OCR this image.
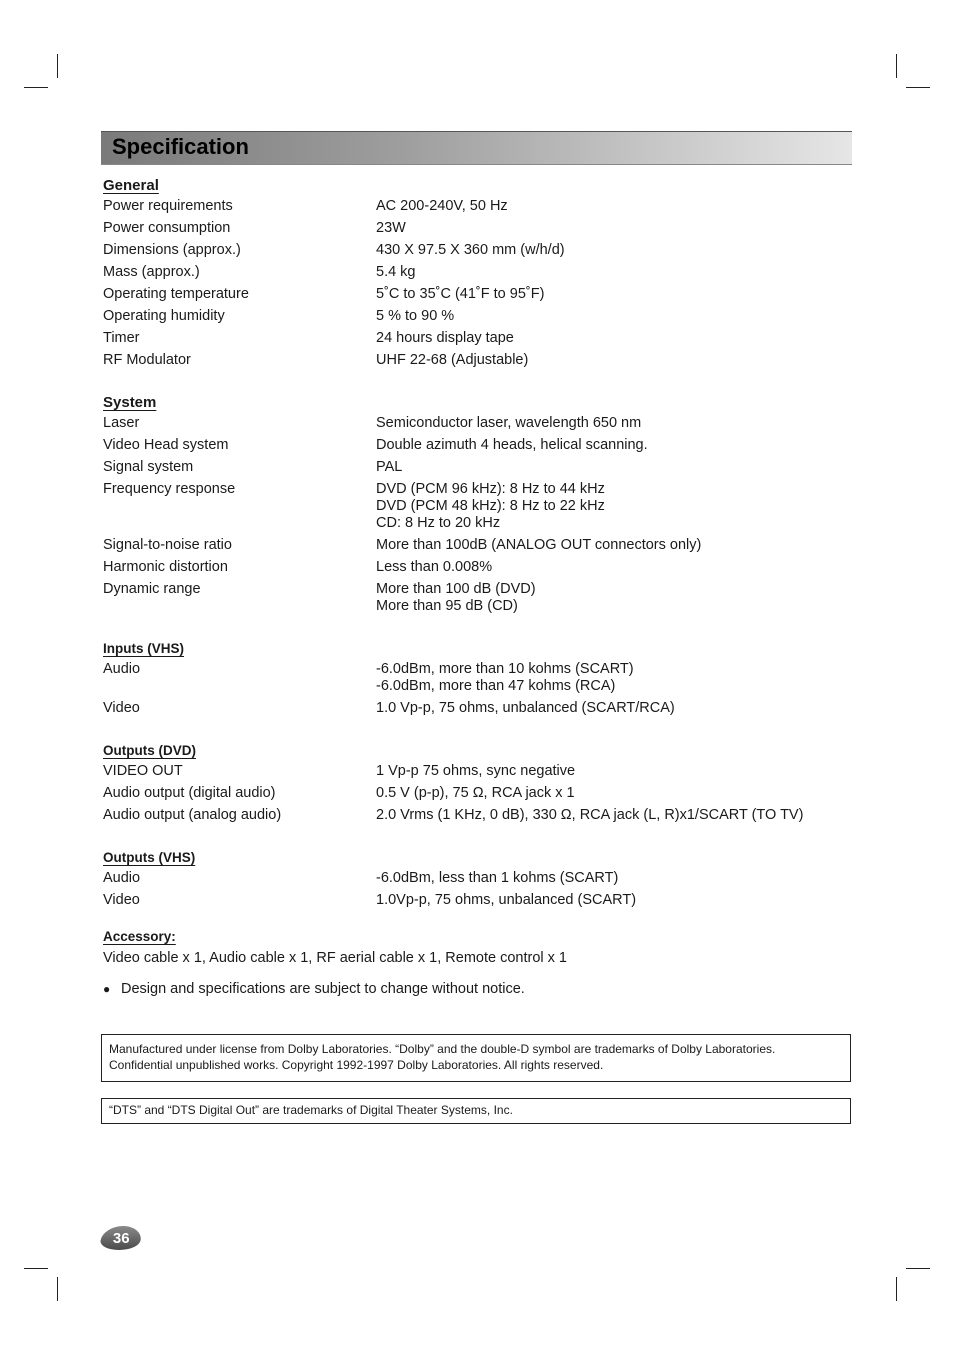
Specification
General
Power requirements	AC 200-240V, 50 Hz
Power consumption	23W
Dimensions (approx.)	430 X 97.5 X 360 mm (w/h/d)
Mass (approx.)	5.4 kg
Operating temperature	5˚C to 35˚C (41˚F to 95˚F)
Operating humidity	5 % to 90 %
Timer	24 hours display tape
RF Modulator	UHF 22-68 (Adjustable)
System
Laser	Semiconductor laser, wavelength 650 nm
Video Head system	Double azimuth 4 heads, helical scanning.
Signal system	PAL
Frequency response	DVD (PCM 96 kHz): 8 Hz to 44 kHz
DVD (PCM 48 kHz): 8 Hz to 22 kHz
CD: 8 Hz to 20 kHz
Signal-to-noise ratio	More than 100dB (ANALOG OUT connectors only)
Harmonic distortion	Less than 0.008%
Dynamic range	More than 100 dB (DVD)
More than 95 dB (CD)
Inputs (VHS)
Audio	-6.0dBm, more than 10 kohms (SCART)
-6.0dBm, more than 47 kohms (RCA)
Video	1.0 Vp-p, 75 ohms, unbalanced (SCART/RCA)
Outputs (DVD)
VIDEO OUT	1 Vp-p 75 ohms, sync negative
Audio output (digital audio)	0.5 V (p-p), 75 Ω, RCA jack x 1
Audio output (analog audio)	2.0 Vrms (1 KHz, 0 dB), 330 Ω, RCA jack (L, R)x1/SCART (TO TV)
Outputs (VHS)
Audio	-6.0dBm, less than 1 kohms (SCART)
Video	1.0Vp-p, 75 ohms, unbalanced (SCART)
Accessory:
Video cable x 1, Audio cable x 1, RF aerial cable x 1, Remote control x 1
● Design and specifications are subject to change without notice.
Manufactured under license from Dolby Laboratories. “Dolby” and the double-D symbol are trademarks of Dolby Laboratories.
Confidential unpublished works. Copyright 1992-1997 Dolby Laboratories. All rights reserved.
“DTS” and “DTS Digital Out” are trademarks of Digital Theater Systems, Inc.
36
